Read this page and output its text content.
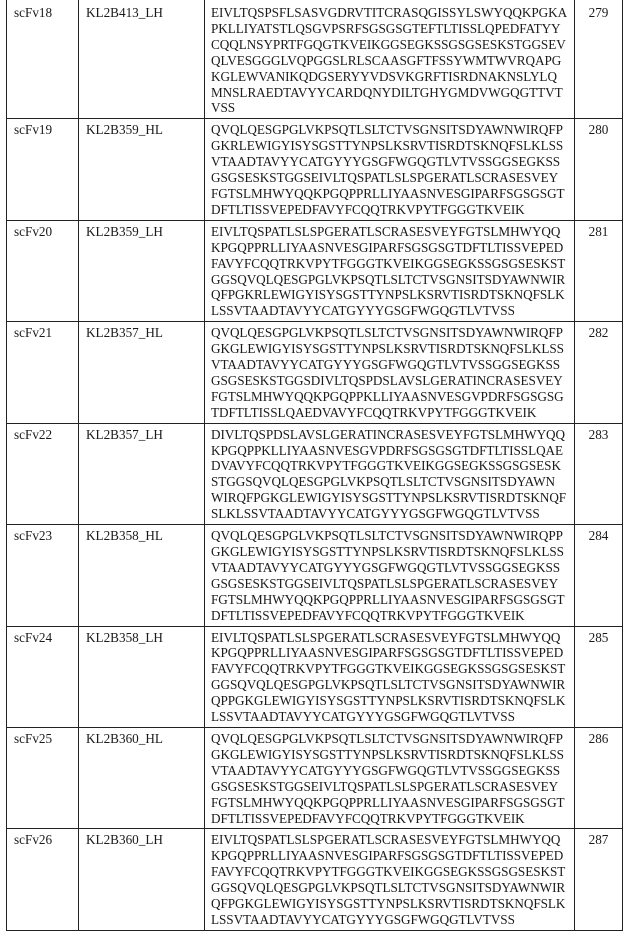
scFv18	KL2B413_LH	EIVLTQSPSFLSASVGDRVTITCRASQGISSYLSWYQQKPGKA
PKLLIYATSTLQSGVPSRFSGSGSGTEFTLTISSLQPEDFATYY
CQQLNSYPRTFGQGTKVEIKGGSEGKSSGSGSESKSTGGSEV
QLVESGGGLVQPGGSLRLSCAASGFTFSSYWMTWVRQAPG
KGLEWVANIKQDGSERYYVDSVKGRFTISRDNAKNSLYLQ
MNSLRAEDTAVYYCARDQNYDILTGHYGMDVWGQGTTVT
VSS
	279
scFv19	KL2B359_HL	QVQLQESGPGLVKPSQTLSLTCTVSGNSITSDYAWNWIRQFP
GKRLEWIGYISYSGSTTYNPSLKSRVTISRDTSKNQFSLKLSS
VTAADTAVYYCATGYYYGSGFWGQGTLVTVSSGGSEGKSS
GSGSESKSTGGSEIVLTQSPATLSLSPGERATLSCRASESVEY
FGTSLMHWYQQKPGQPPRLLIYAASNVESGIPARFSGSGSGT
DFTLTISSVEPEDFAVYFCQQTRKVPYTFGGGTKVEIK
	280
scFv20	KL2B359_LH	EIVLTQSPATLSLSPGERATLSCRASESVEYFGTSLMHWYQQ
KPGQPPRLLIYAASNVESGIPARFSGSGSGTDFTLTISSVEPED
FAVYFCQQTRKVPYTFGGGTKVEIKGGSEGKSSGSGSESKST
GGSQVQLQESGPGLVKPSQTLSLTCTVSGNSITSDYAWNWIR
QFPGKRLEWIGYISYSGSTTYNPSLKSRVTISRDTSKNQFSLK
LSSVTAADTAVYYCATGYYYGSGFWGQGTLVTVSS
	281
scFv21	KL2B357_HL	QVQLQESGPGLVKPSQTLSLTCTVSGNSITSDYAWNWIRQFP
GKGLEWIGYISYSGSTTYNPSLKSRVTISRDTSKNQFSLKLSS
VTAADTAVYYCATGYYYGSGFWGQGTLVTVSSGGSEGKSS
GSGSESKSTGGSDIVLTQSPDSLAVSLGERATINCRASESVEY
FGTSLMHWYQQKPGQPPKLLIYAASNVESGVPDRFSGSGSG
TDFTLTISSLQAEDVAVYFCQQTRKVPYTFGGGTKVEIK
	282
scFv22	KL2B357_LH	DIVLTQSPDSLAVSLGERATINCRASESVEYFGTSLMHWYQQ
KPGQPPKLLIYAASNVESGVPDRFSGSGSGTDFTLTISSLQAE
DVAVYFCQQTRKVPYTFGGGTKVEIKGGSEGKSSGSGSESK
STGGSQVQLQESGPGLVKPSQTLSLTCTVSGNSITSDYAWN
WIRQFPGKGLEWIGYISYSGSTTYNPSLKSRVTISRDTSKNQF
SLKLSSVTAADTAVYYCATGYYYGSGFWGQGTLVTVSS
	283
scFv23	KL2B358_HL	QVQLQESGPGLVKPSQTLSLTCTVSGNSITSDYAWNWIRQPP
GKGLEWIGYISYSGSTTYNPSLKSRVTISRDTSKNQFSLKLSS
VTAADTAVYYCATGYYYGSGFWGQGTLVTVSSGGSEGKSS
GSGSESKSTGGSEIVLTQSPATLSLSPGERATLSCRASESVEY
FGTSLMHWYQQKPGQPPRLLIYAASNVESGIPARFSGSGSGT
DFTLTISSVEPEDFAVYFCQQTRKVPYTFGGGTKVEIK
	284
scFv24	KL2B358_LH	EIVLTQSPATLSLSPGERATLSCRASESVEYFGTSLMHWYQQ
KPGQPPRLLIYAASNVESGIPARFSGSGSGTDFTLTISSVEPED
FAVYFCQQTRKVPYTFGGGTKVEIKGGSEGKSSGSGSESKST
GGSQVQLQESGPGLVKPSQTLSLTCTVSGNSITSDYAWNWIR
QPPGKGLEWIGYISYSGSTTYNPSLKSRVTISRDTSKNQFSLK
LSSVTAADTAVYYCATGYYYGSGFWGQGTLVTVSS
	285
scFv25	KL2B360_HL	QVQLQESGPGLVKPSQTLSLTCTVSGNSITSDYAWNWIRQFP
GKGLEWIGYISYSGSTTYNPSLKSRVTISRDTSKNQFSLKLSS
VTAADTAVYYCATGYYYGSGFWGQGTLVTVSSGGSEGKSS
GSGSESKSTGGSEIVLTQSPATLSLSPGERATLSCRASESVEY
FGTSLMHWYQQKPGQPPRLLIYAASNVESGIPARFSGSGSGT
DFTLTISSVEPEDFAVYFCQQTRKVPYTFGGGTKVEIK
	286
scFv26	KL2B360_LH	EIVLTQSPATLSLSPGERATLSCRASESVEYFGTSLMHWYQQ
KPGQPPRLLIYAASNVESGIPARFSGSGSGTDFTLTISSVEPED
FAVYFCQQTRKVPYTFGGGTKVEIKGGSEGKSSGSGSESKST
GGSQVQLQESGPGLVKPSQTLSLTCTVSGNSITSDYAWNWIR
QFPGKGLEWIGYISYSGSTTYNPSLKSRVTISRDTSKNQFSLK
LSSVTAADTAVYYCATGYYYGSGFWGQGTLVTVSS
	287
